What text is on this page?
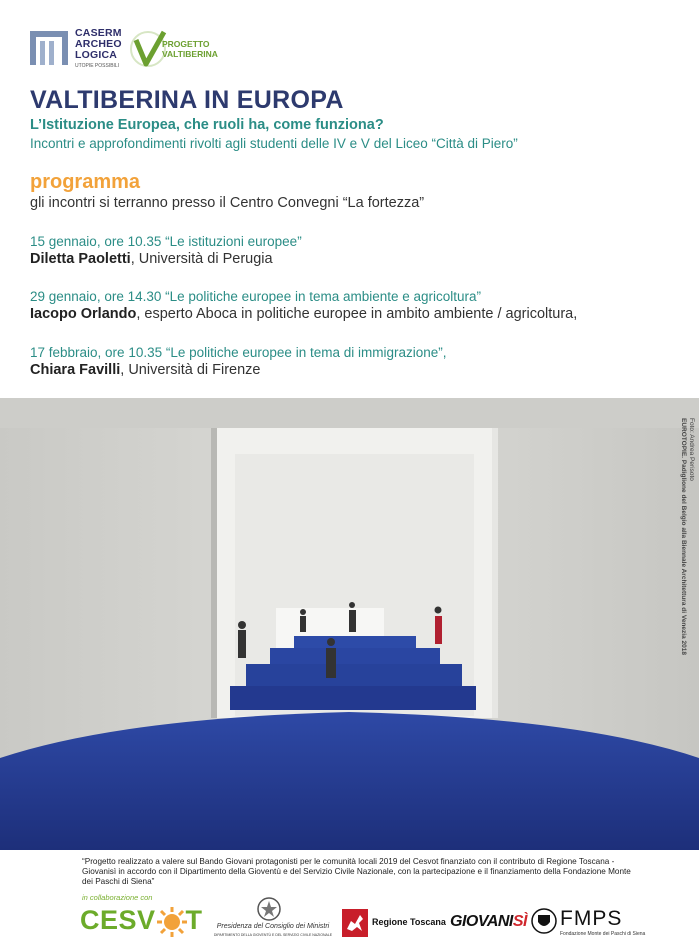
CASERM
ARCHEO
LOGICA
UTOPIE POSSIBILI
PROGETTO
VALTIBERINA
VALTIBERINA IN EUROPA
L’Istituzione Europea, che ruoli ha, come funziona?
Incontri e approfondimenti rivolti agli studenti delle IV e V del Liceo “Città di Piero”
programma
gli incontri si terranno presso il Centro Convegni “La fortezza”
15 gennaio, ore 10.35 “Le istituzioni europee”
Diletta Paoletti, Università di Perugia
29 gennaio, ore 14.30 “Le politiche europee in tema ambiente e agricoltura”
Iacopo Orlando, esperto Aboca in politiche europee in ambito ambiente / agricoltura,
17 febbraio, ore 10.35 “Le politiche europee in tema di immigrazione”,
Chiara Favilli, Università di Firenze
Foto: Andrea Perisoto
EUROTOPIE. Padiglione del Belgio alla Biennale Architettura di Venezia 2018
“Progetto realizzato a valere sul Bando Giovani protagonisti per le comunità locali 2019 del Cesvot finanziato con il contributo di Regione Toscana - Giovanisì in accordo con il Dipartimento della Gioventù e del Servizio Civile Nazionale, con la partecipazione e il finanziamento della Fondazione Monte dei Paschi di Siena”
in collaborazione con
CESV T	Presidenza del Consiglio dei Ministri
DIPARTIMENTO DELLA GIOVENTÙ E DEL SERVIZIO CIVILE NAZIONALE
Regione Toscana GIOVANISÌ FMPS
Fondazione Monte dei Paschi di Siena
